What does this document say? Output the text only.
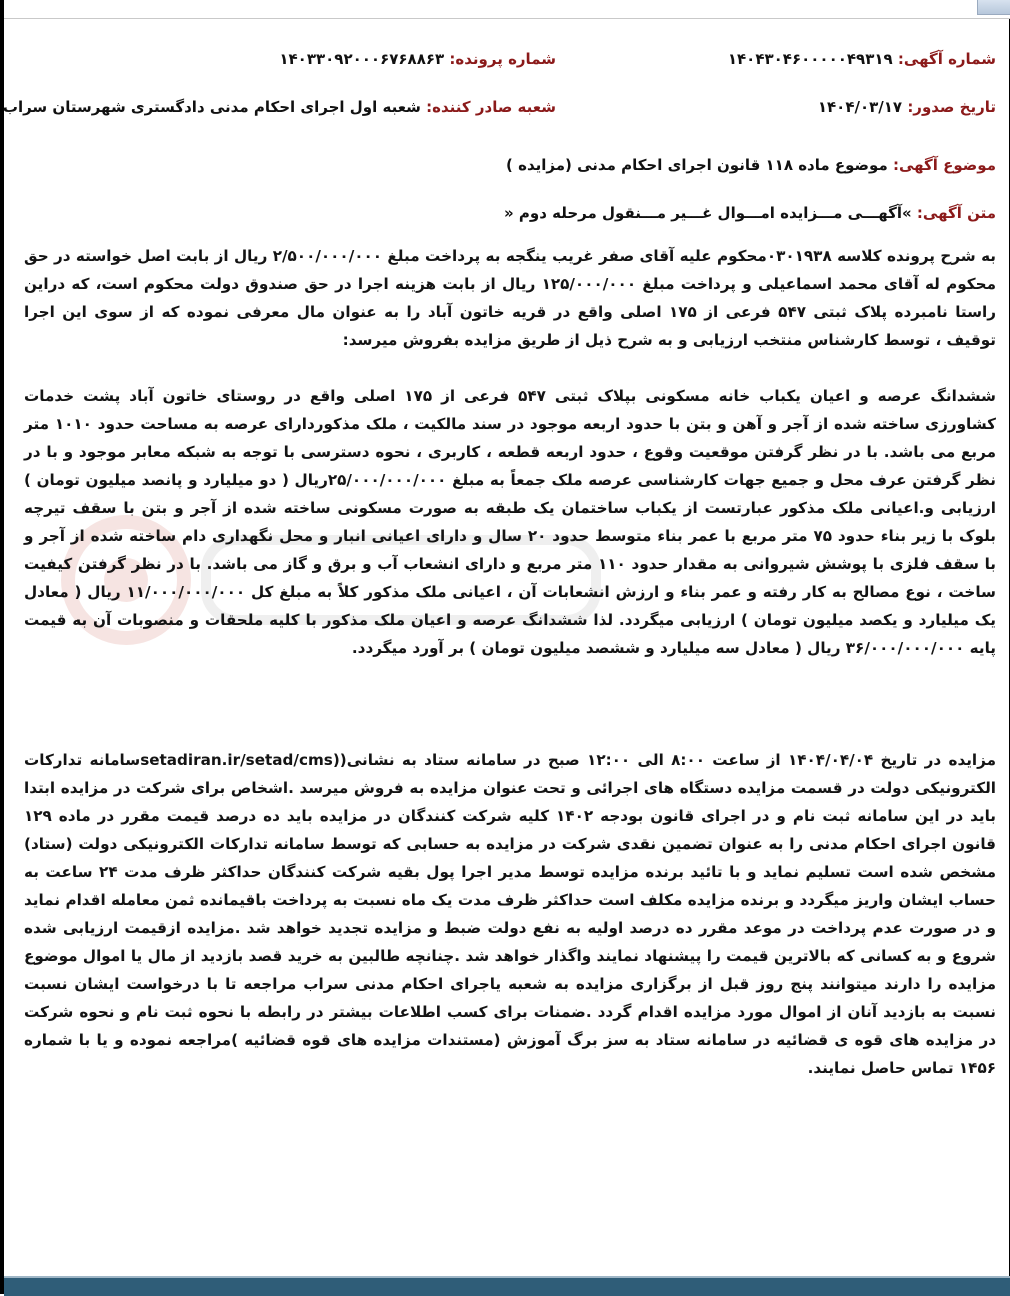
شماره آگهی: ۱۴۰۴۳۰۴۶۰۰۰۰۰۴۹۳۱۹
شماره پرونده: ۱۴۰۳۳۰۹۲۰۰۰۶۷۶۸۸۶۳
تاریخ صدور: ۱۴۰۴/۰۳/۱۷
شعبه صادر کننده: شعبه اول اجرای احکام مدنی دادگستری شهرستان سراب
موضوع آگهی: موضوع ماده ۱۱۸ قانون اجرای احکام مدنی (مزایده )
متن آگهی: »آگهـــی مـــزایده امـــوال غـــیر مـــنقول مرحله دوم «
به شرح پرونده کلاسه ۰۳۰۱۹۳۸محکوم علیه آقای صفر غریب ینگجه به پرداخت مبلغ ۲/۵۰۰/۰۰۰/۰۰۰ ریال از بابت اصل خواسته در حق محکوم له آقای محمد اسماعیلی و پرداخت مبلغ ۱۲۵/۰۰۰/۰۰۰ ریال از بابت هزینه اجرا در حق صندوق دولت محکوم است، که دراین راستا نامبرده پلاک ثبتی ۵۴۷ فرعی از ۱۷۵ اصلی واقع در قریه خاتون آباد را به عنوان مال معرفی نموده که از سوی این اجرا توقیف ، توسط کارشناس منتخب ارزیابی و به شرح ذیل از طریق مزایده بفروش میرسد:
ششدانگ عرصه و اعیان یکباب خانه مسکونی بپلاک ثبتی ۵۴۷ فرعی از ۱۷۵ اصلی واقع در روستای خاتون آباد پشت خدمات کشاورزی ساخته شده از آجر و آهن و بتن با حدود اربعه موجود در سند مالکیت ، ملک مذکوردارای عرصه به مساحت حدود ۱۰۱۰ متر مربع می باشد. با در نظر گرفتن موقعیت وقوع ، حدود اربعه قطعه ، کاربری ، نحوه دسترسی با توجه به شبکه معابر موجود و با در نظر گرفتن عرف محل و جمیع جهات کارشناسی عرصه ملک جمعاً به مبلغ ۲۵/۰۰۰/۰۰۰/۰۰۰ریال ( دو میلیارد و پانصد میلیون تومان ) ارزیابی و.اعیانی ملک مذکور عبارتست از یکباب ساختمان یک طبقه به صورت مسکونی ساخته شده از آجر و بتن با سقف تیرچه بلوک با زیر بناء حدود ۷۵ متر مربع با عمر بناء متوسط حدود ۲۰ سال و دارای اعیانی انبار و محل نگهداری دام ساخته شده از آجر و با سقف فلزی با پوشش شیروانی به مقدار حدود ۱۱۰ متر مربع و دارای انشعاب آب و برق و گاز می باشد. با در نظر گرفتن کیفیت ساخت ، نوع مصالح به کار رفته و عمر بناء و ارزش انشعابات آن ، اعیانی ملک مذکور کلاً به مبلغ کل ۱۱/۰۰۰/۰۰۰/۰۰۰ ریال ( معادل یک میلیارد و یکصد میلیون تومان ) ارزیابی میگردد. لذا ششدانگ عرصه و اعیان ملک مذکور با کلیه ملحقات و منصوبات آن به قیمت پایه ۳۶/۰۰۰/۰۰۰/۰۰۰ ریال ( معادل سه میلیارد و ششصد میلیون تومان ) بر آورد میگردد.
مزایده در تاریخ ۱۴۰۴/۰۴/۰۴ از ساعت ۸:۰۰ الی ۱۲:۰۰ صبح در سامانه ستاد به نشانی((setadiran.ir/setad/cmsسامانه تدارکات الکترونیکی دولت در قسمت مزایده دستگاه های اجرائی و تحت عنوان مزایده به فروش میرسد .اشخاص برای شرکت در مزایده ابتدا باید در این سامانه ثبت نام و در اجرای قانون بودجه ۱۴۰۲ کلیه شرکت کنندگان در مزایده باید ده درصد قیمت مقرر در ماده ۱۲۹ قانون اجرای احکام مدنی را به عنوان تضمین نقدی شرکت در مزایده به حسابی که توسط سامانه تدارکات الکترونیکی دولت (ستاد) مشخص شده است تسلیم نماید و با تائید برنده مزایده توسط مدیر اجرا پول بقیه شرکت کنندگان حداکثر ظرف مدت ۲۴ ساعت به حساب ایشان واریز میگردد و برنده مزایده مکلف است حداکثر ظرف مدت یک ماه نسبت به پرداخت باقیمانده ثمن معامله اقدام نماید و در صورت عدم پرداخت در موعد مقرر ده درصد اولیه به نفع دولت ضبط و مزایده تجدید خواهد شد .مزایده ازقیمت ارزیابی شده شروع و به کسانی که بالاترین قیمت را پیشنهاد نمایند واگذار خواهد شد .چنانچه طالبین به خرید قصد بازدید از مال یا اموال موضوع مزایده را دارند میتوانند پنج روز قبل از برگزاری مزایده به شعبه یاجرای احکام مدنی سراب مراجعه تا با درخواست ایشان نسبت نسبت به بازدید آنان از اموال مورد مزایده اقدام گردد .ضمنات برای کسب اطلاعات بیشتر در رابطه با نحوه ثبت نام و نحوه شرکت در مزایده های قوه ی قضائیه در سامانه ستاد به سز برگ آموزش (مستندات مزایده های قوه قضائیه )مراجعه نموده و یا با شماره ۱۴۵۶ تماس حاصل نمایند.
